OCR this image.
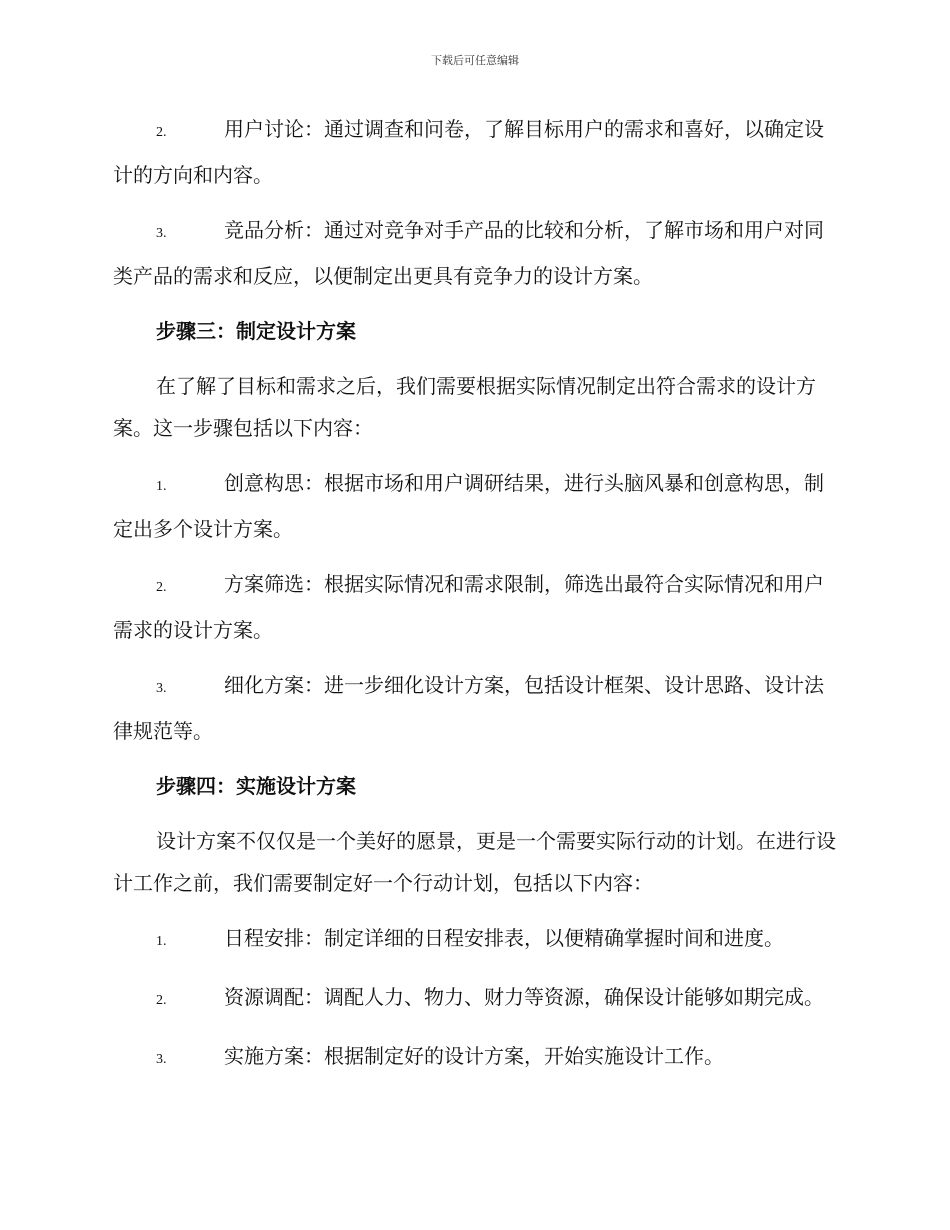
下载后可任意编辑

2.	用户讨论：通过调查和问卷，了解目标用户的需求和喜好，以确定设计的方向和内容。

3.	竞品分析：通过对竞争对手产品的比较和分析，了解市场和用户对同类产品的需求和反应，以便制定出更具有竞争力的设计方案。

步骤三：制定设计方案

在了解了目标和需求之后，我们需要根据实际情况制定出符合需求的设计方案。这一步骤包括以下内容：

1.	创意构思：根据市场和用户调研结果，进行头脑风暴和创意构思，制定出多个设计方案。

2.	方案筛选：根据实际情况和需求限制，筛选出最符合实际情况和用户需求的设计方案。

3.	细化方案：进一步细化设计方案，包括设计框架、设计思路、设计法律规范等。

步骤四：实施设计方案

设计方案不仅仅是一个美好的愿景，更是一个需要实际行动的计划。在进行设计工作之前，我们需要制定好一个行动计划，包括以下内容：

1.	日程安排：制定详细的日程安排表，以便精确掌握时间和进度。

2.	资源调配：调配人力、物力、财力等资源，确保设计能够如期完成。

3.	实施方案：根据制定好的设计方案，开始实施设计工作。
